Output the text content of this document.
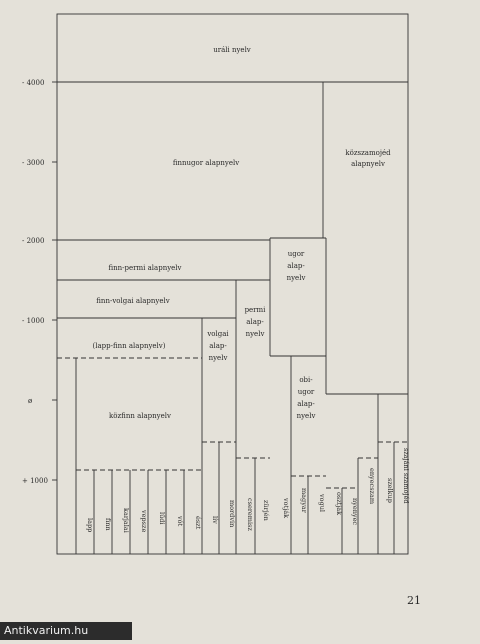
- 4000
- 3000
- 2000
- 1000
ø
+ 1000
uráli nyelv
finnugor alapnyelv
közszamojéd
alapnyelv
ugor
alap-
nyelv
finn-permi alapnyelv
permi
alap-
nyelv
finn-volgai alapnyelv
volgai
alap-
nyelv
(lapp-finn alapnyelv)
obi-
ugor
alap-
nyelv
közfinn alapnyelv
lapp finn karjalai vepsze lűdi vót észt lív mordvin cseremisz zürjén votják magyar vogul osztják nyenyec
enyecszam szelkup szajáni szamojéd
21
Antikvarium.hu
